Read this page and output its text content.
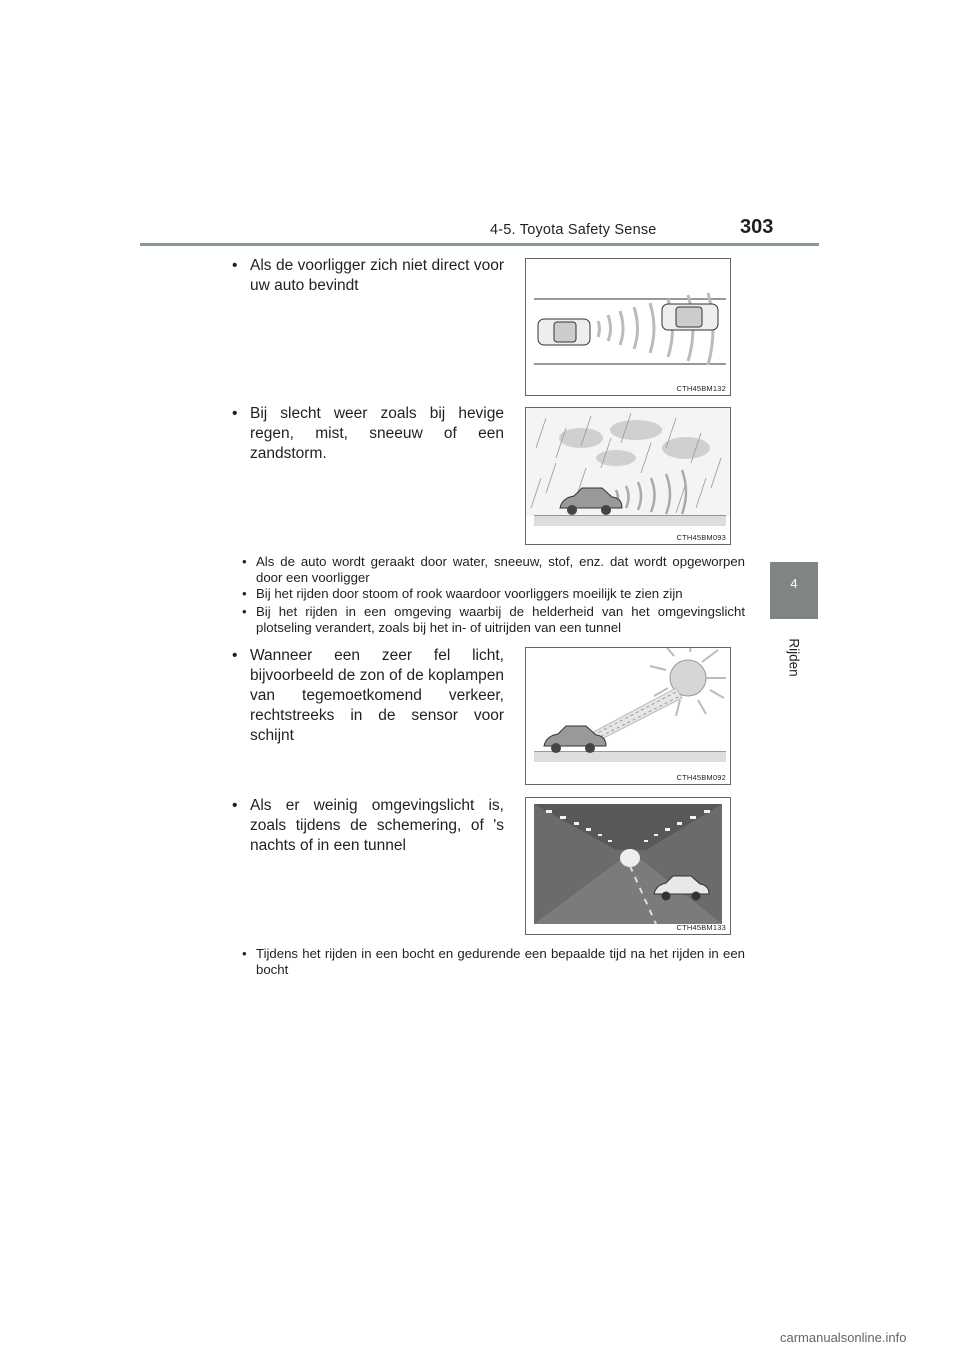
4-5. Toyota Safety Sense	303
4
Rijden
• Als de voorligger zich niet direct voor uw auto bevindt
CTH45BM132
• Bij slecht weer zoals bij hevige regen, mist, sneeuw of een zandstorm.
CTH45BM093
• Als de auto wordt geraakt door water, sneeuw, stof, enz. dat wordt opgeworpen door een voorligger
• Bij het rijden door stoom of rook waardoor voorliggers moeilijk te zien zijn
• Bij het rijden in een omgeving waarbij de helderheid van het omgevingslicht plotseling verandert, zoals bij het in- of uitrijden van een tunnel
• Wanneer een zeer fel licht, bijvoorbeeld de zon of de koplampen van tegemoetkomend verkeer, rechtstreeks in de sensor voor schijnt
CTH45BM092
• Als er weinig omgevingslicht is, zoals tijdens de schemering, of 's nachts of in een tunnel
CTH45BM133
• Tijdens het rijden in een bocht en gedurende een bepaalde tijd na het rijden in een bocht
carmanualsonline.info
